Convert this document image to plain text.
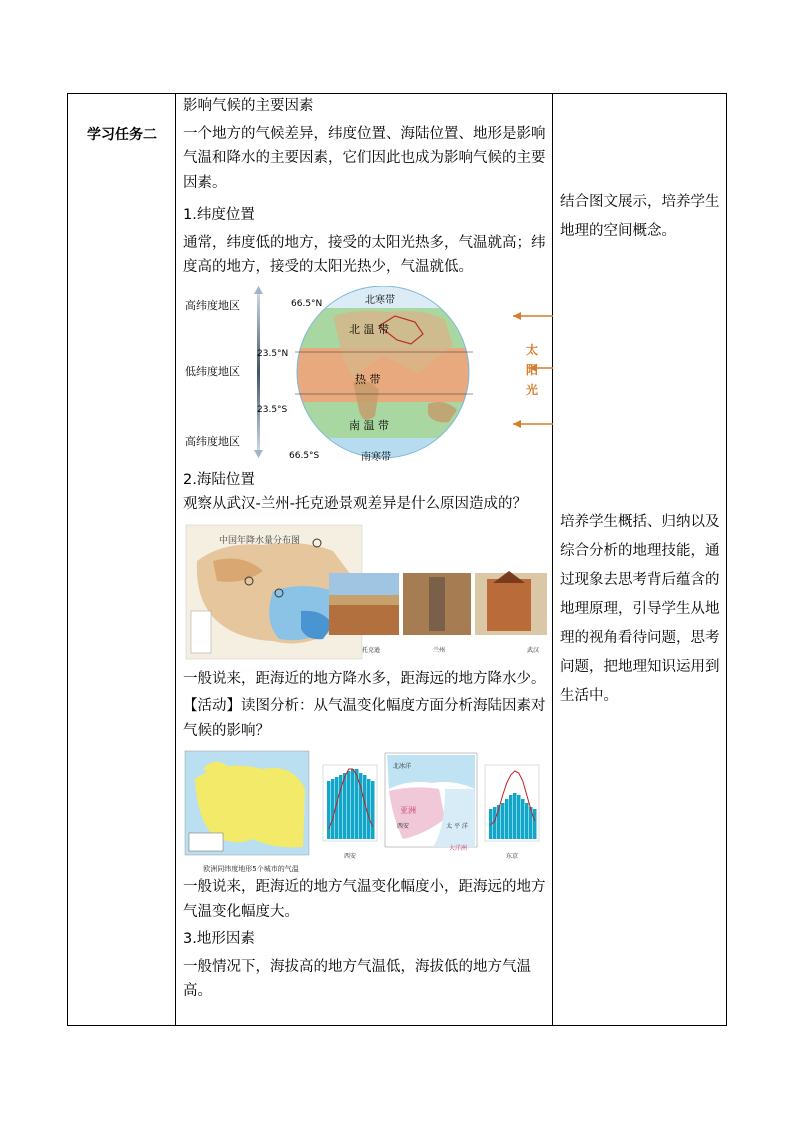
学习任务二

影响气候的主要因素

一个地方的气候差异，纬度位置、海陆位置、地形是影响气温和降水的主要因素，它们因此也成为影响气候的主要因素。

1.纬度位置

通常，纬度低的地方，接受的太阳光热多，气温就高；纬度高的地方，接受的太阳光热少，气温就低。

高纬度地区
低纬度地区
高纬度地区
66.5°N
23.5°N
23.5°S
66.5°S
北寒带
北 温 带
热 带
南 温 带
南寒带
太
阳
光

2.海陆位置

观察从武汉-兰州-托克逊景观差异是什么原因造成的？

中国年降水量分布图
托克逊	兰州	武汉

一般说来，距海近的地方降水多，距海远的地方降水少。

【活动】读图分析：从气温变化幅度方面分析海陆因素对气候的影响？

欧洲同纬度地形5个城市的气温
北冰洋
亚洲
太 平 洋
西安
大洋洲
西安	东京

一般说来，距海近的地方气温变化幅度小，距海远的地方气温变化幅度大。

3.地形因素

一般情况下，海拔高的地方气温低，海拔低的地方气温高。

结合图文展示，培养学生地理的空间概念。

培养学生概括、归纳以及综合分析的地理技能，通过现象去思考背后蕴含的地理原理，引导学生从地理的视角看待问题，思考问题，把地理知识运用到生活中。
